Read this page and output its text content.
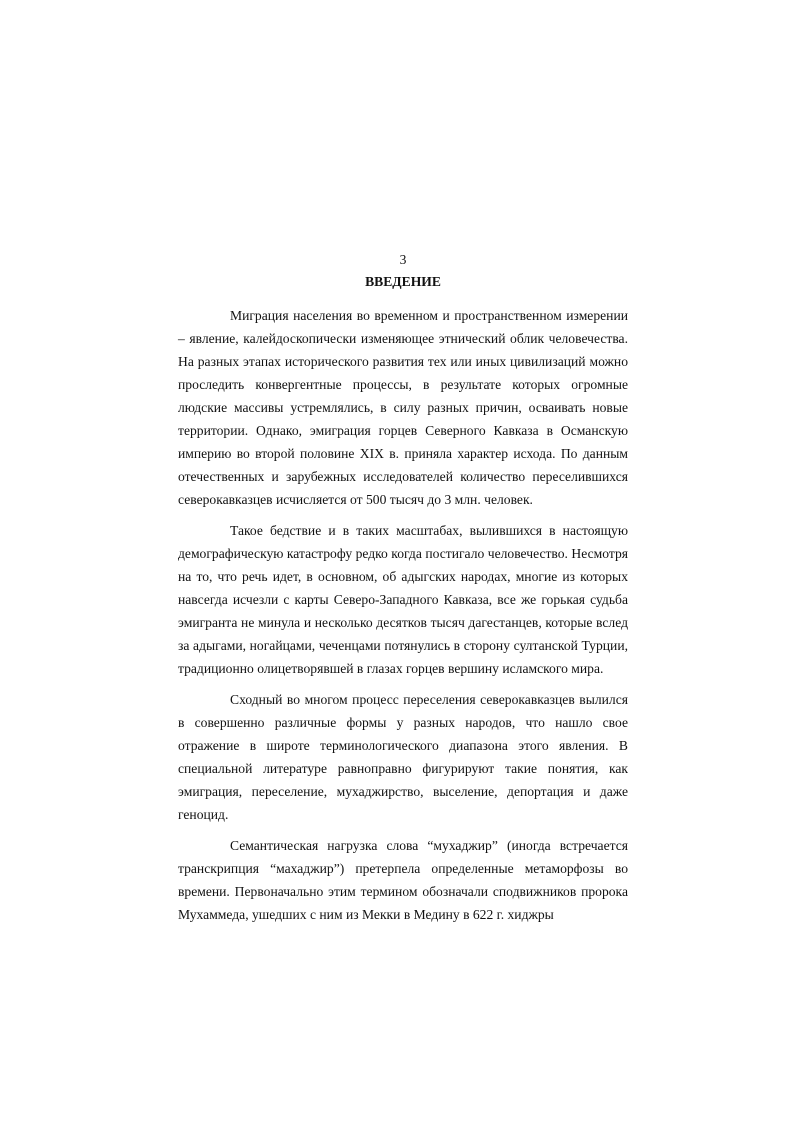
3
ВВЕДЕНИЕ

Миграция населения во временном и пространственном измерении – явление, калейдоскопически изменяющее этнический облик человечества. На разных этапах исторического развития тех или иных цивилизаций можно проследить конвергентные процессы, в результате которых огромные людские массивы устремлялись, в силу разных причин, осваивать новые территории. Однако, эмиграция горцев Северного Кавказа в Османскую империю во второй половине XIX в. приняла характер исхода. По данным отечественных и зарубежных исследователей количество переселившихся северокавказцев исчисляется от 500 тысяч до 3 млн. человек.

Такое бедствие и в таких масштабах, вылившихся в настоящую демографическую катастрофу редко когда постигало человечество. Несмотря на то, что речь идет, в основном, об адыгских народах, многие из которых навсегда исчезли с карты Северо-Западного Кавказа, все же горькая судьба эмигранта не минула и несколько десятков тысяч дагестанцев, которые вслед за адыгами, ногайцами, чеченцами потянулись в сторону султанской Турции, традиционно олицетворявшей в глазах горцев вершину исламского мира.

Сходный во многом процесс переселения северокавказцев вылился в совершенно различные формы у разных народов, что нашло свое отражение в широте терминологического диапазона этого явления. В специальной литературе равноправно фигурируют такие понятия, как эмиграция, переселение, мухаджирство, выселение, депортация и даже геноцид.

Семантическая нагрузка слова “мухаджир” (иногда встречается транскрипция “махаджир”) претерпела определенные метаморфозы во времени. Первоначально этим термином обозначали сподвижников пророка Мухаммеда, ушедших с ним из Мекки в Медину в 622 г. хиджры
